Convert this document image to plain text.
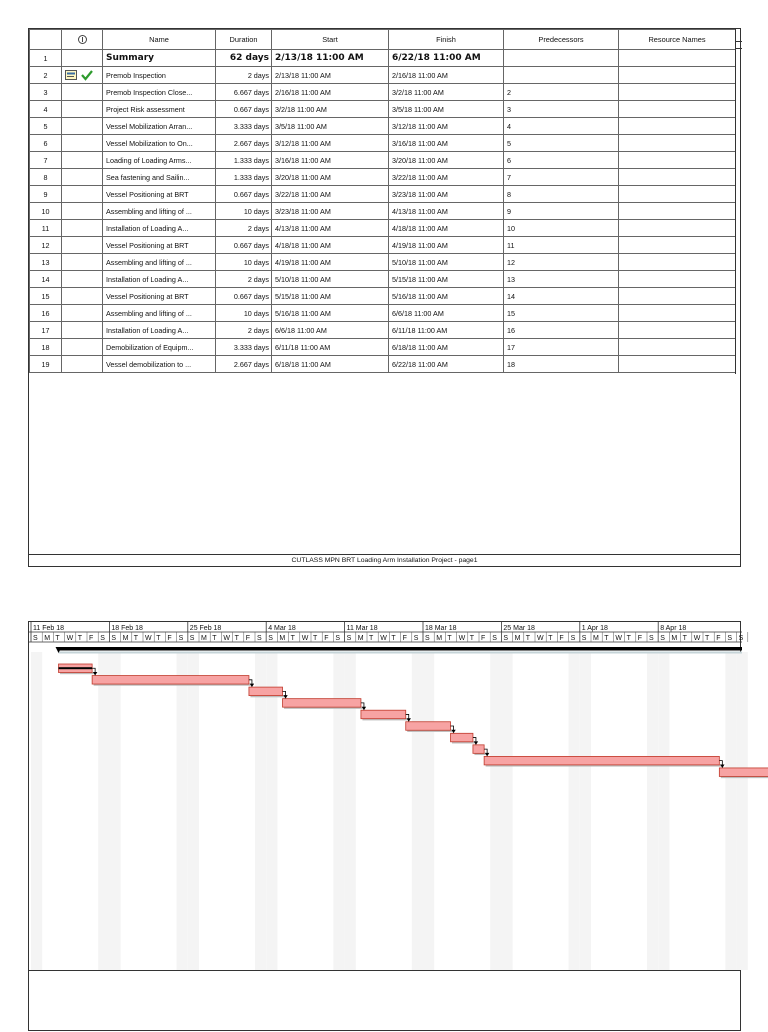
		Name	Duration	Start	Finish	Predecessors	Resource Names
1		Summary	62 days	2/13/18 11:00 AM	6/22/18 11:00 AM		
2		Premob Inspection	2 days	2/13/18 11:00 AM	2/16/18 11:00 AM		
3		Premob Inspection Close...	6.667 days	2/16/18 11:00 AM	3/2/18 11:00 AM	2	
4		Project Risk assessment	0.667 days	3/2/18 11:00 AM	3/5/18 11:00 AM	3	
5		Vessel Mobilization Arran...	3.333 days	3/5/18 11:00 AM	3/12/18 11:00 AM	4	
6		Vessel Mobilization to On...	2.667 days	3/12/18 11:00 AM	3/16/18 11:00 AM	5	
7		Loading of Loading Arms...	1.333 days	3/16/18 11:00 AM	3/20/18 11:00 AM	6	
8		Sea fastening and Sailin...	1.333 days	3/20/18 11:00 AM	3/22/18 11:00 AM	7	
9		Vessel Positioning at BRT	0.667 days	3/22/18 11:00 AM	3/23/18 11:00 AM	8	
10		Assembling and lifting of ...	10 days	3/23/18 11:00 AM	4/13/18 11:00 AM	9	
11		Installation of Loading A...	2 days	4/13/18 11:00 AM	4/18/18 11:00 AM	10	
12		Vessel Positioning at BRT	0.667 days	4/18/18 11:00 AM	4/19/18 11:00 AM	11	
13		Assembling and lifting of ...	10 days	4/19/18 11:00 AM	5/10/18 11:00 AM	12	
14		Installation of Loading A...	2 days	5/10/18 11:00 AM	5/15/18 11:00 AM	13	
15		Vessel Positioning at BRT	0.667 days	5/15/18 11:00 AM	5/16/18 11:00 AM	14	
16		Assembling and lifting of ...	10 days	5/16/18 11:00 AM	6/6/18 11:00 AM	15	
17		Installation of Loading A...	2 days	6/6/18 11:00 AM	6/11/18 11:00 AM	16	
18		Demobilization of Equipm...	3.333 days	6/11/18 11:00 AM	6/18/18 11:00 AM	17	
19		Vessel demobilization to ...	2.667 days	6/18/18 11:00 AM	6/22/18 11:00 AM	18	
CUTLASS MPN BRT Loading Arm Installation Project - page1
11 Feb 18	18 Feb 18	25 Feb 18	4 Mar 18	11 Mar 18	18 Mar 18	25 Mar 18	1 Apr 18	8 Apr 18
S M T W T F S S M T W T F S S M T W T F S S M T W T F S S M T W T F S S M T W T F S S M T W T F S S M T W T F S S M T W T F S S
